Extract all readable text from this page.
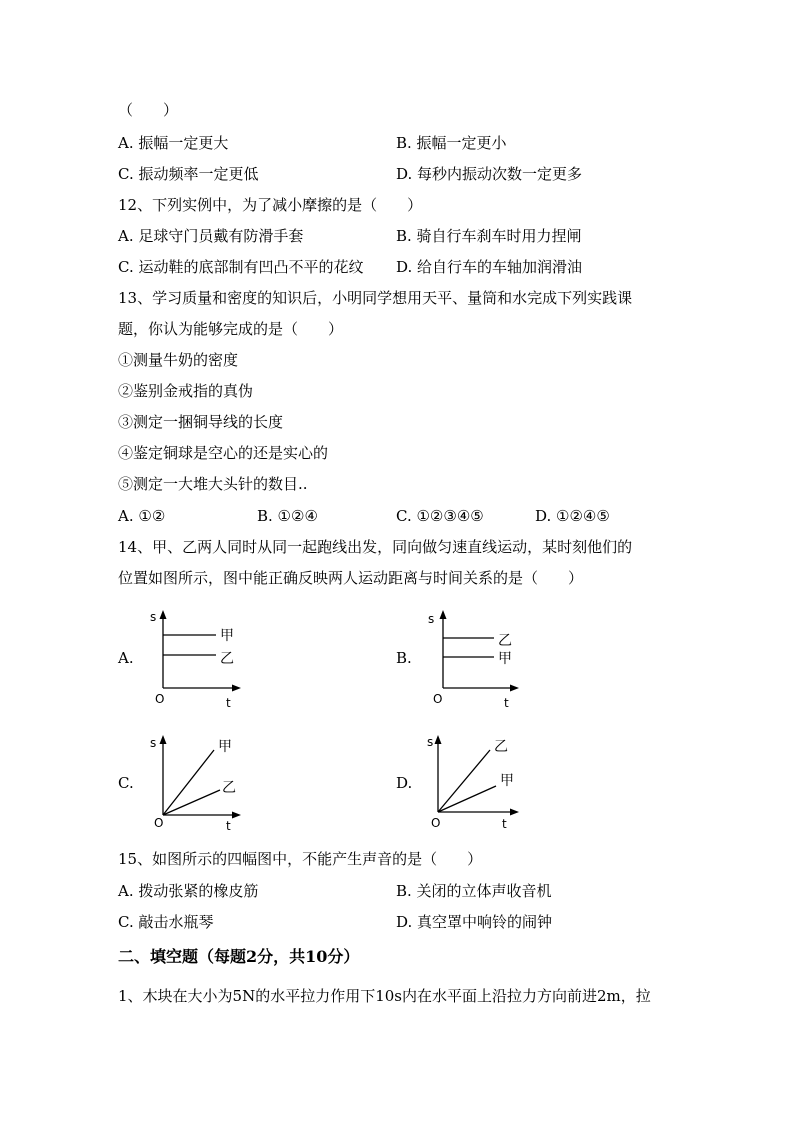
（　　）
A. 振幅一定更大	B. 振幅一定更小
C. 振动频率一定更低	D. 每秒内振动次数一定更多
12、下列实例中，为了减小摩擦的是（　　）
A. 足球守门员戴有防滑手套	B. 骑自行车刹车时用力捏闸
C. 运动鞋的底部制有凹凸不平的花纹 D. 给自行车的车轴加润滑油
13、学习质量和密度的知识后，小明同学想用天平、量筒和水完成下列实践课
题，你认为能够完成的是（　　）
①测量牛奶的密度
②鉴别金戒指的真伪
③测定一捆铜导线的长度
④鉴定铜球是空心的还是实心的
⑤测定一大堆大头针的数目..
A. ①②	B. ①②④	C. ①②③④⑤	D. ①②④⑤
14、甲、乙两人同时从同一起跑线出发，同向做匀速直线运动，某时刻他们的
位置如图所示，图中能正确反映两人运动距离与时间关系的是（　　）
A.
s
O	t
甲
乙	B.
s
O	t
乙
甲
C.
s
O	t
甲
乙	D.
s
O	t
乙
甲
15、如图所示的四幅图中，不能产生声音的是（　　）
A. 拨动张紧的橡皮筋	B. 关闭的立体声收音机
C. 敲击水瓶琴	D. 真空罩中响铃的闹钟
二、填空题（每题2分，共10分）
1、木块在大小为5N的水平拉力作用下10s内在水平面上沿拉力方向前进2m，拉
